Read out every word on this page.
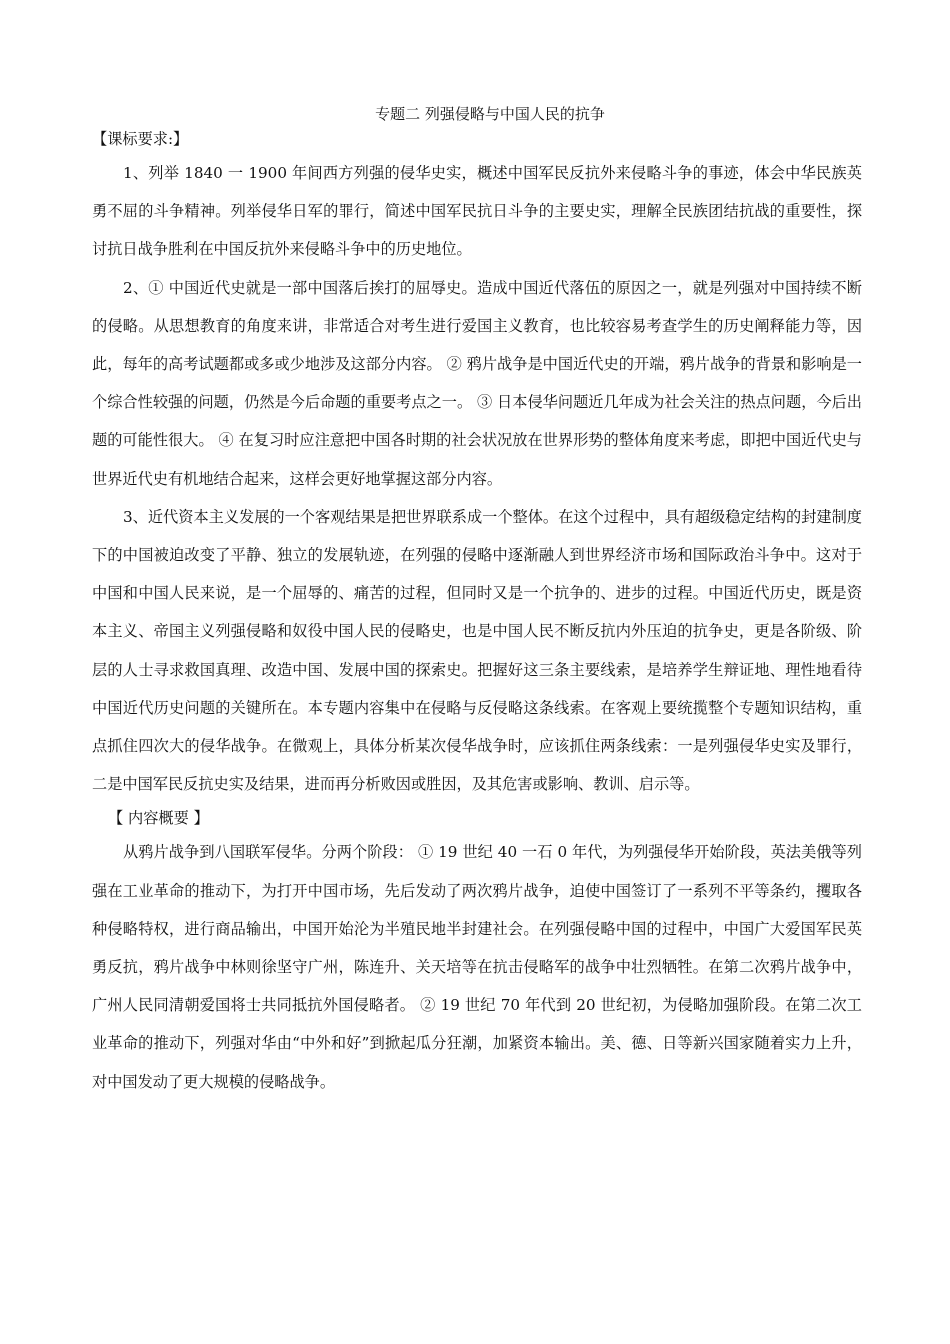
专题二 列强侵略与中国人民的抗争

【课标要求:】

1、列举 1840 一 1900 年间西方列强的侵华史实，概述中国军民反抗外来侵略斗争的事迹，体会中华民族英勇不屈的斗争精神。列举侵华日军的罪行，简述中国军民抗日斗争的主要史实，理解全民族团结抗战的重要性，探讨抗日战争胜利在中国反抗外来侵略斗争中的历史地位。

2、① 中国近代史就是一部中国落后挨打的屈辱史。造成中国近代落伍的原因之一，就是列强对中国持续不断的侵略。从思想教育的角度来讲，非常适合对考生进行爱国主义教育，也比较容易考查学生的历史阐释能力等，因此，每年的高考试题都或多或少地涉及这部分内容。 ② 鸦片战争是中国近代史的开端，鸦片战争的背景和影响是一个综合性较强的问题，仍然是今后命题的重要考点之一。 ③ 日本侵华问题近几年成为社会关注的热点问题，今后出题的可能性很大。 ④ 在复习时应注意把中国各时期的社会状况放在世界形势的整体角度来考虑，即把中国近代史与世界近代史有机地结合起来，这样会更好地掌握这部分内容。

3、近代资本主义发展的一个客观结果是把世界联系成一个整体。在这个过程中，具有超级稳定结构的封建制度下的中国被迫改变了平静、独立的发展轨迹，在列强的侵略中逐渐融人到世界经济市场和国际政治斗争中。这对于中国和中国人民来说，是一个屈辱的、痛苦的过程，但同时又是一个抗争的、进步的过程。中国近代历史，既是资本主义、帝国主义列强侵略和奴役中国人民的侵略史，也是中国人民不断反抗内外压迫的抗争史，更是各阶级、阶层的人士寻求救国真理、改造中国、发展中国的探索史。把握好这三条主要线索，是培养学生辩证地、理性地看待中国近代历史问题的关键所在。本专题内容集中在侵略与反侵略这条线索。在客观上要统揽整个专题知识结构，重点抓住四次大的侵华战争。在微观上，具体分析某次侵华战争时，应该抓住两条线索：一是列强侵华史实及罪行，二是中国军民反抗史实及结果，进而再分析败因或胜因，及其危害或影响、教训、启示等。

【 内容概要 】

从鸦片战争到八国联军侵华。分两个阶段： ① 19 世纪 40 一石 0 年代，为列强侵华开始阶段，英法美俄等列强在工业革命的推动下，为打开中国市场，先后发动了两次鸦片战争，迫使中国签订了一系列不平等条约，攫取各种侵略特权，进行商品输出，中国开始沦为半殖民地半封建社会。在列强侵略中国的过程中，中国广大爱国军民英勇反抗，鸦片战争中林则徐坚守广州，陈连升、关天培等在抗击侵略军的战争中壮烈牺牲。在第二次鸦片战争中，广州人民同清朝爱国将士共同抵抗外国侵略者。 ② 19 世纪 70 年代到 20 世纪初，为侵略加强阶段。在第二次工业革命的推动下，列强对华由“中外和好”到掀起瓜分狂潮，加紧资本输出。美、德、日等新兴国家随着实力上升，对中国发动了更大规模的侵略战争。
